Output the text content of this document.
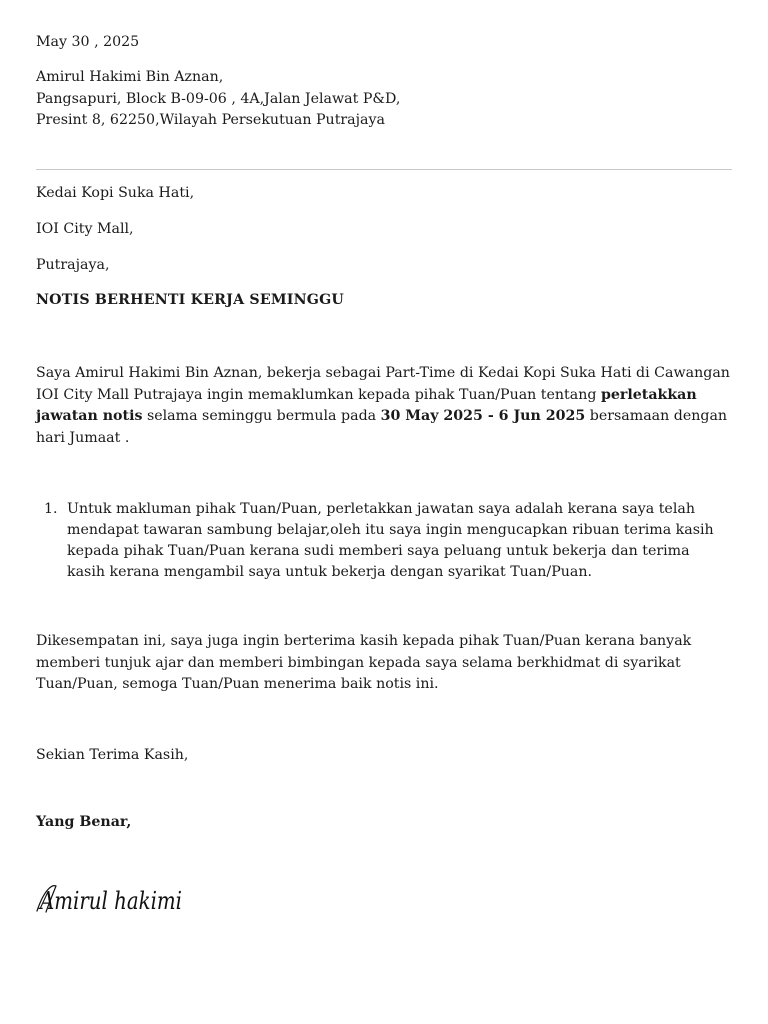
May 30 , 2025

Amirul Hakimi Bin Aznan,
Pangsapuri, Block B-09-06 , 4A,Jalan Jelawat P&D,
Presint 8, 62250,Wilayah Persekutuan Putrajaya

Kedai Kopi Suka Hati,

IOI City Mall,

Putrajaya,

NOTIS BERHENTI KERJA SEMINGGU

Saya Amirul Hakimi Bin Aznan, bekerja sebagai Part-Time di Kedai Kopi Suka Hati di Cawangan IOI City Mall Putrajaya ingin memaklumkan kepada pihak Tuan/Puan tentang perletakkan jawatan notis selama seminggu bermula pada 30 May 2025 - 6 Jun 2025 bersamaan dengan hari Jumaat .

1. Untuk makluman pihak Tuan/Puan, perletakkan jawatan saya adalah kerana saya telah mendapat tawaran sambung belajar,oleh itu saya ingin mengucapkan ribuan terima kasih kepada pihak Tuan/Puan kerana sudi memberi saya peluang untuk bekerja dan terima kasih kerana mengambil saya untuk bekerja dengan syarikat Tuan/Puan.

Dikesempatan ini, saya juga ingin berterima kasih kepada pihak Tuan/Puan kerana banyak memberi tunjuk ajar dan memberi bimbingan kepada saya selama berkhidmat di syarikat Tuan/Puan, semoga Tuan/Puan menerima baik notis ini.

Sekian Terima Kasih,

Yang Benar,

Amirul hakimi
